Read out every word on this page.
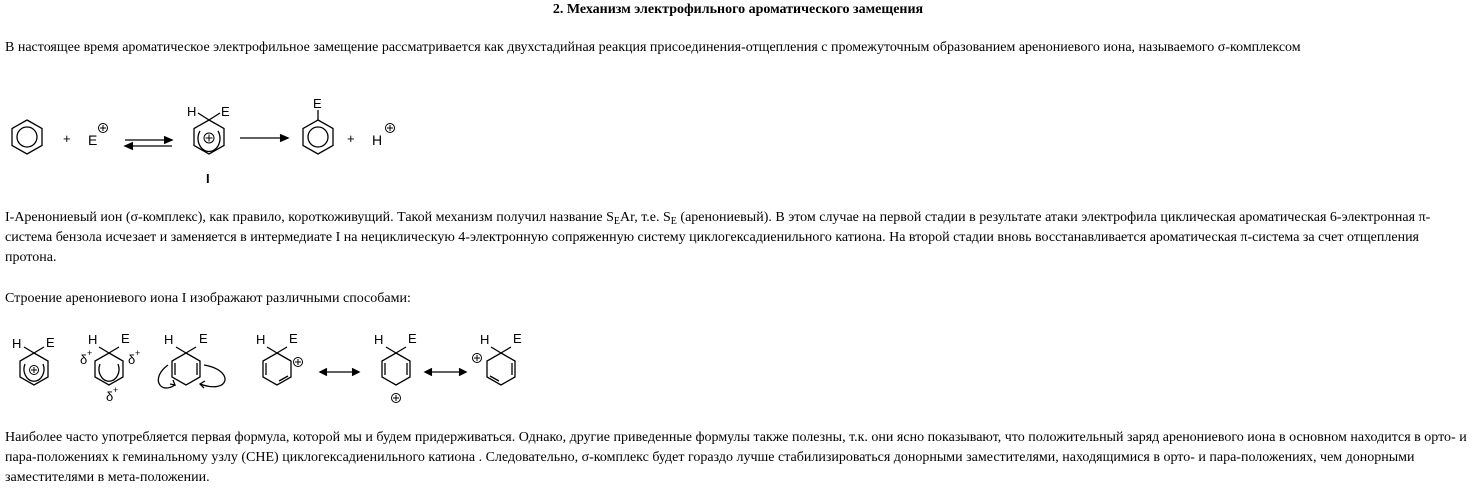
2. Механизм электрофильного ароматического замещения

В настоящее время ароматическое электрофильное замещение рассматривается как двухстадийная реакция присоединения-отщепления с промежуточным образованием аренониевого иона, называемого σ-комплексом

+ E
H E
I
E
+ H

I-Аренониевый ион (σ-комплекс), как правило, короткоживущий. Такой механизм получил название $S_EAr$, т.е. $S_E$ (аренониевый). В этом случае на первой стадии в результате атаки электрофила циклическая ароматическая 6-электронная π-система бензола исчезает и заменяется в интермедиате I на нециклическую 4-электронную сопряженную систему циклогексадиенильного катиона. На второй стадии вновь восстанавливается ароматическая π-система за счет отщепления протона.

Строение аренониевого иона I изображают различными способами:

H E	H E
δ +	δ +
δ +
H E	H E	H E	H E

Наиболее часто употребляется первая формула, которой мы и будем придерживаться. Однако, другие приведенные формулы также полезны, т.к. они ясно показывают, что положительный заряд аренониевого иона в основном находится в орто- и пара-положениях к геминальному узлу (CHE) циклогексадиенильного катиона . Следовательно, σ-комплекс будет гораздо лучше стабилизироваться донорными заместителями, находящимися в орто- и пара-положениях, чем донорными заместителями в мета-положении.
